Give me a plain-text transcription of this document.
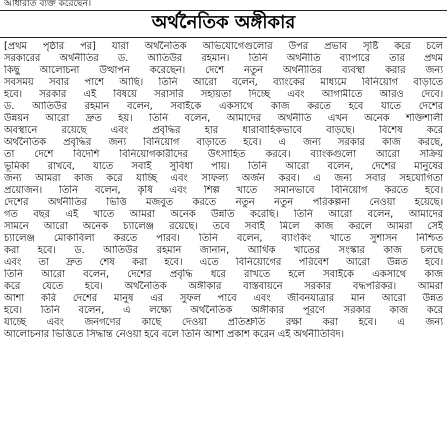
আধারাত ব্যক্ত করেছেন।
অর্থনৈতিক অঙ্গীকার
[প্রথম পৃষ্ঠার পর] যারা অর্থনৈতিক অভিযোগেগুলোর উপর প্রভাব সৃষ্টি করে চলে
সরকারের অর্থনীতির ড. আতিউর রহমান। তিনি অর্থনীতি ব্যাপারে তার প্রথম
কিছু আলোচনা উত্থাপন করেছেন। দেশে নতুন অর্থনীতির ব্যবস্থা করার জন্য
সবসময় সবার পাশে আছি। তিনি আরো বলেন, ব্যাংকের মাধ্যমে বিনিয়োগ বাড়াতে
হবে। সরকার এই বিষয়ে সরাসরি সহায়তা দিচ্ছে এবং আগামীতে আরও দেবে।
ড. আতিউর রহমান বলেন, সবাইকে একসাথে কাজ করতে হবে যাতে দেশের
উন্নয়ন আরো দ্রুত হয়। তিনি বলেন, আমাদের অর্থনীতি এখন অনেক শক্তিশালী
অবস্থানে রয়েছে এবং প্রবৃদ্ধির হার ধারাবাহিকভাবে বাড়ছে। বিশেষ করে
অর্থনৈতিক প্রবৃদ্ধির জন্য বিনিয়োগ বাড়াতে হবে। এ জন্য সরকার কাজ করছে,
তা দেশে বিদেশি বিনিয়োগকারীদের উৎসাহিত করবে। ব্যাংকগুলো আরো সক্রিয়
ভূমিকা রাখবে, যাতে সবাই সুবিধা পায়। তিনি আরো বলেন, দেশের মানুষের
জন্য আমরা কাজ করে যাচ্ছি এবং সাফল্য অর্জন করব। এ জন্য সবার সহযোগিতা
প্রয়োজন। তিনি বলেন, কৃষি এবং শিল্প খাতে সমানভাবে বিনিয়োগ করতে হবে।
দেশের অর্থনীতির ভিত্তি মজবুত করতে নতুন নতুন পরিকল্পনা নেওয়া হয়েছে।
গত বছর এই খাতে আমরা অনেক উন্নতি করেছি। তিনি আরো বলেন, আমাদের
সামনে আরো অনেক চ্যালেঞ্জ রয়েছে। তবে সবাই মিলে কাজ করলে আমরা সেই
চ্যালেঞ্জ মোকাবিলা করতে পারব। তিনি বলেন, ব্যাংকিং খাতে সুশাসন নিশ্চিত
করা হবে। ড. আতিউর রহমান জানান, আর্থিক খাতের সংস্কার কাজ চলছে
এবং তা দ্রুত শেষ করা হবে। এতে বিনিয়োগের পরিবেশ আরো উন্নত হবে।
তিনি আরো বলেন, দেশের প্রবৃদ্ধি ধরে রাখতে হলে সবাইকে একসাথে কাজ
করে যেতে হবে। অর্থনৈতিক অঙ্গীকার বাস্তবায়নে সরকার বদ্ধপরিকর। আমরা
আশা করি দেশের মানুষ এর সুফল পাবে এবং জীবনযাত্রার মান আরো উন্নত
হবে। তিনি বলেন, এ লক্ষ্যে অর্থনৈতিক অঙ্গীকার পূরণে সরকার কাজ করে
যাচ্ছে এবং জনগণের কাছে দেওয়া প্রতিশ্রুতি রক্ষা করা হবে। এ জন্য
আলোচনার ভিত্তিতে সিদ্ধান্ত নেওয়া হবে বলে তিনি আশা প্রকাশ করেন এই অর্থনীতিবিদ।
